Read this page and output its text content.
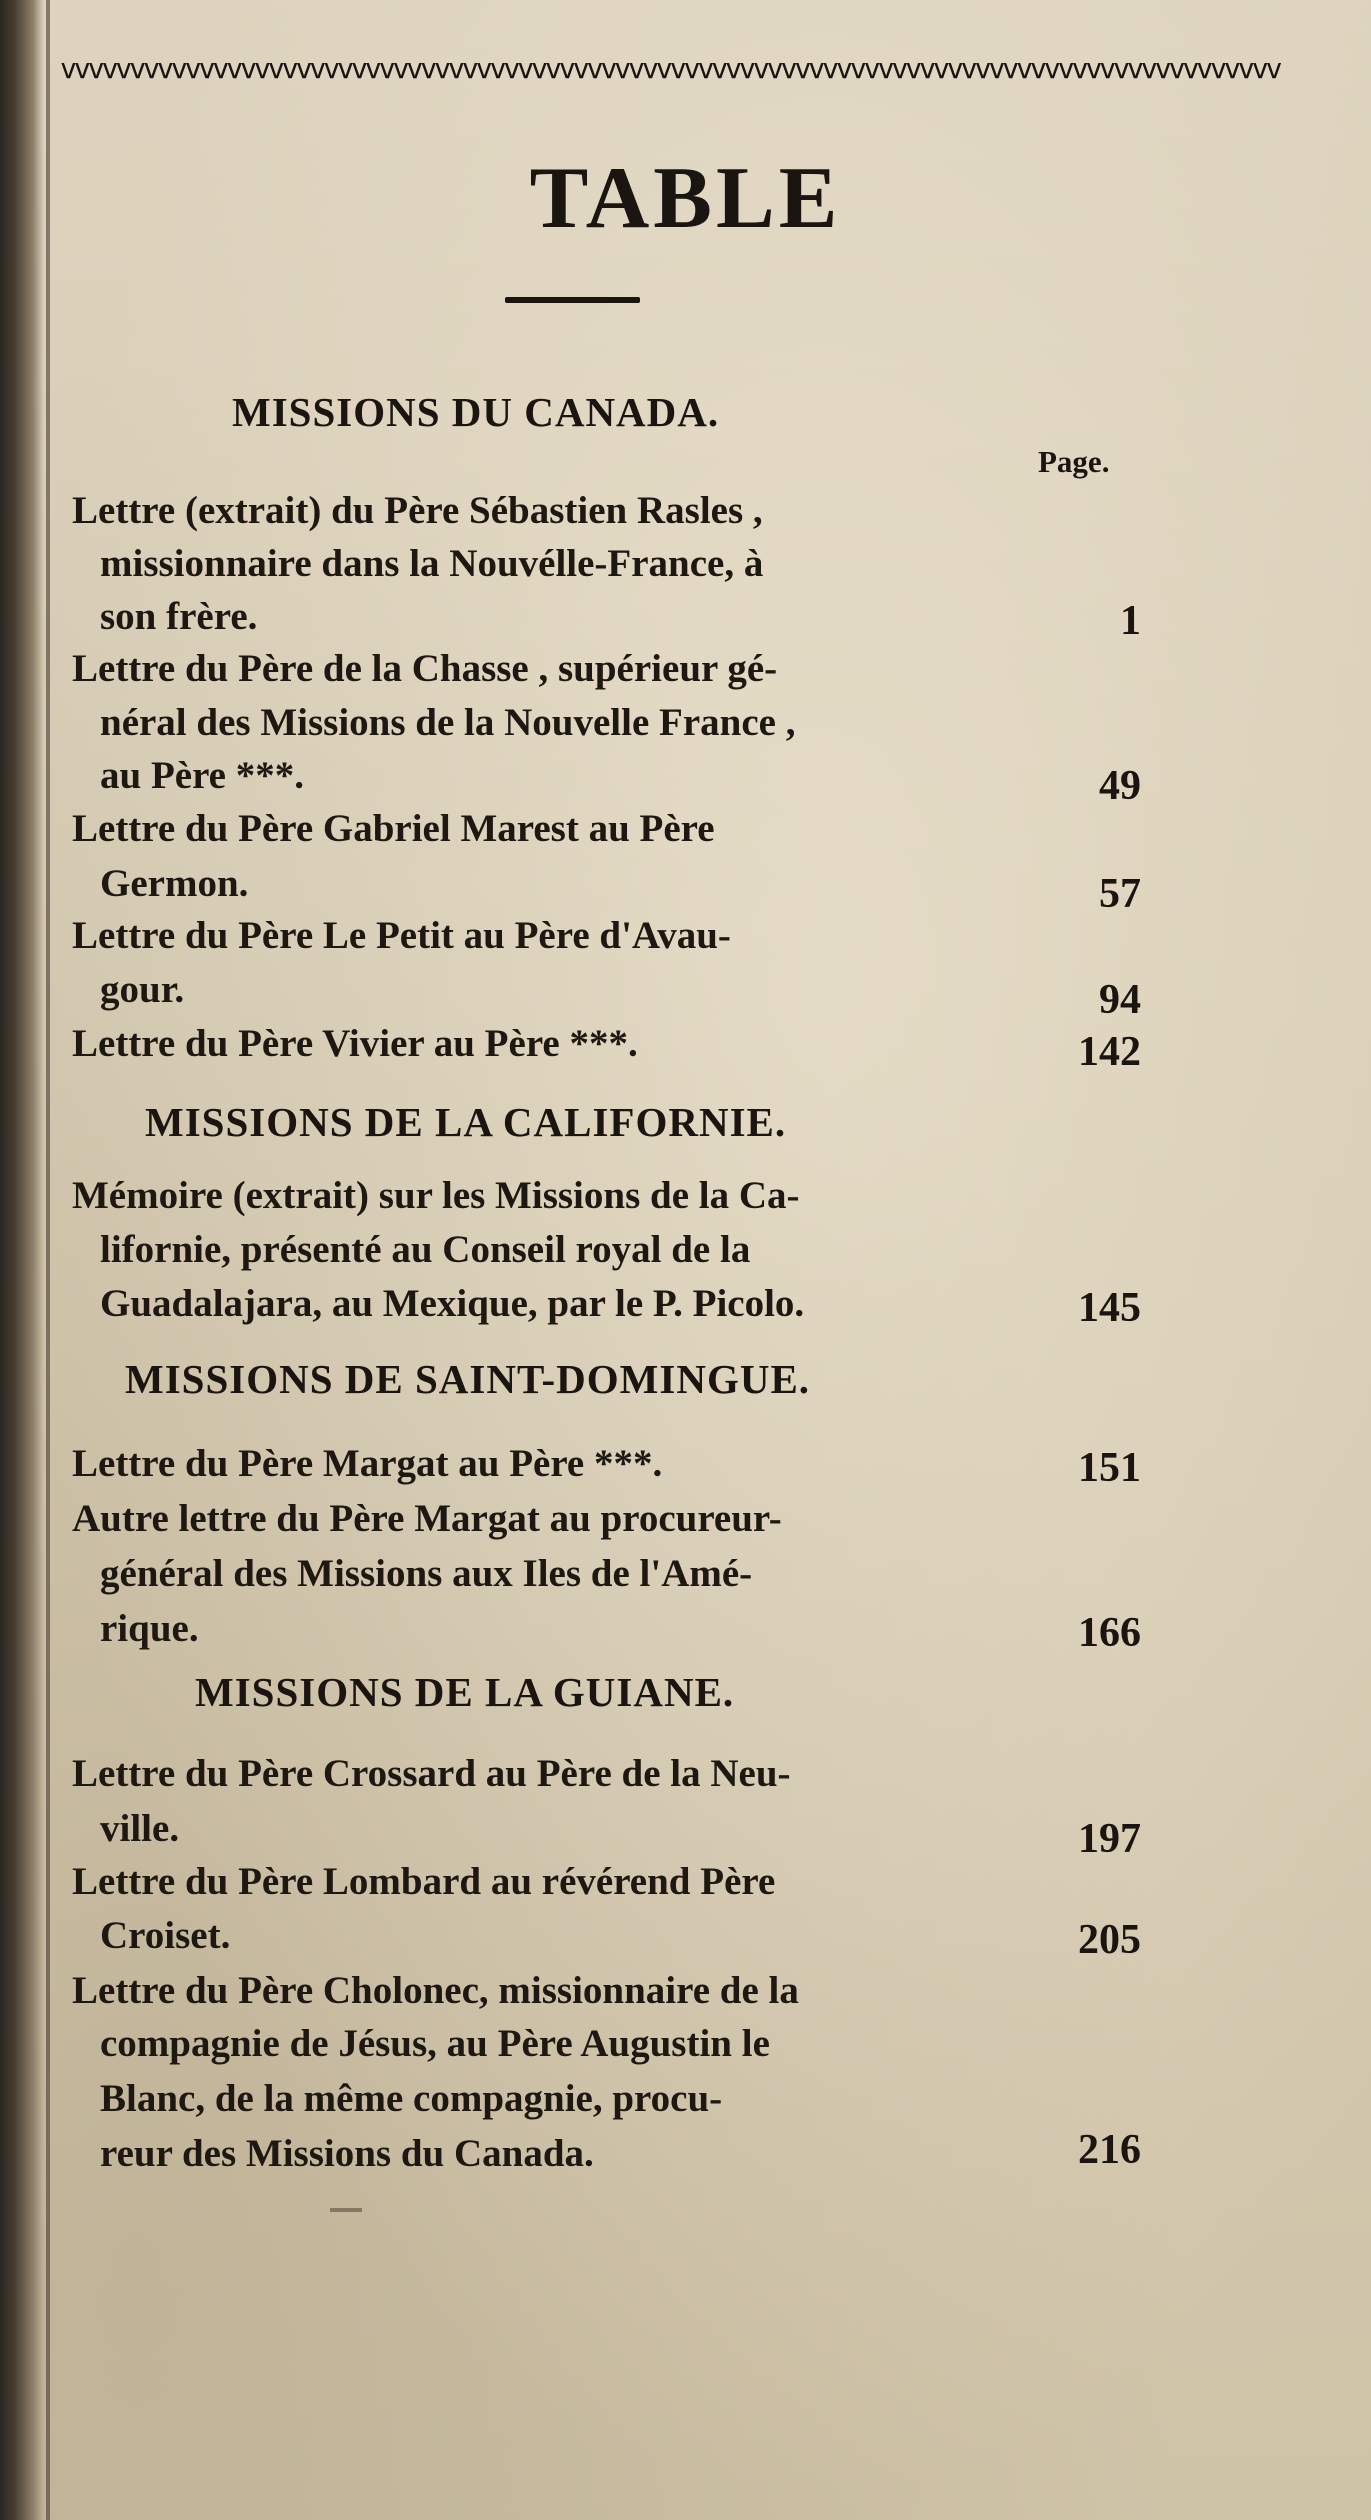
vvvvvvvvvvvvvvvvvvvvvvvvvvvvvvvvvvvvvvvvvvvvvvvvvvvvvvvvvvvvvvvvvvvvvvvvvvvvvvvvvvvvvvvv
TABLE
Page.
MISSIONS DU CANADA.
Lettre (extrait) du Père Sébastien Rasles ,
missionnaire dans la Nouvélle-France, à
son frère.	1
Lettre du Père de la Chasse , supérieur gé-
néral des Missions de la Nouvelle France ,
au Père ***.	49
Lettre du Père Gabriel Marest au Père
Germon.	57
Lettre du Père Le Petit au Père d'Avau-
gour.	94
Lettre du Père Vivier au Père ***.	142
MISSIONS DE LA CALIFORNIE.
Mémoire (extrait) sur les Missions de la Ca-
lifornie, présenté au Conseil royal de la
Guadalajara, au Mexique, par le P. Picolo.	145
MISSIONS DE SAINT-DOMINGUE.
Lettre du Père Margat au Père ***.	151
Autre lettre du Père Margat au procureur-
général des Missions aux Iles de l'Amé-
rique.	166
MISSIONS DE LA GUIANE.
Lettre du Père Crossard au Père de la Neu-
ville.	197
Lettre du Père Lombard au révérend Père
Croiset.	205
Lettre du Père Cholonec, missionnaire de la
compagnie de Jésus, au Père Augustin le
Blanc, de la même compagnie, procu-
reur des Missions du Canada.	216
